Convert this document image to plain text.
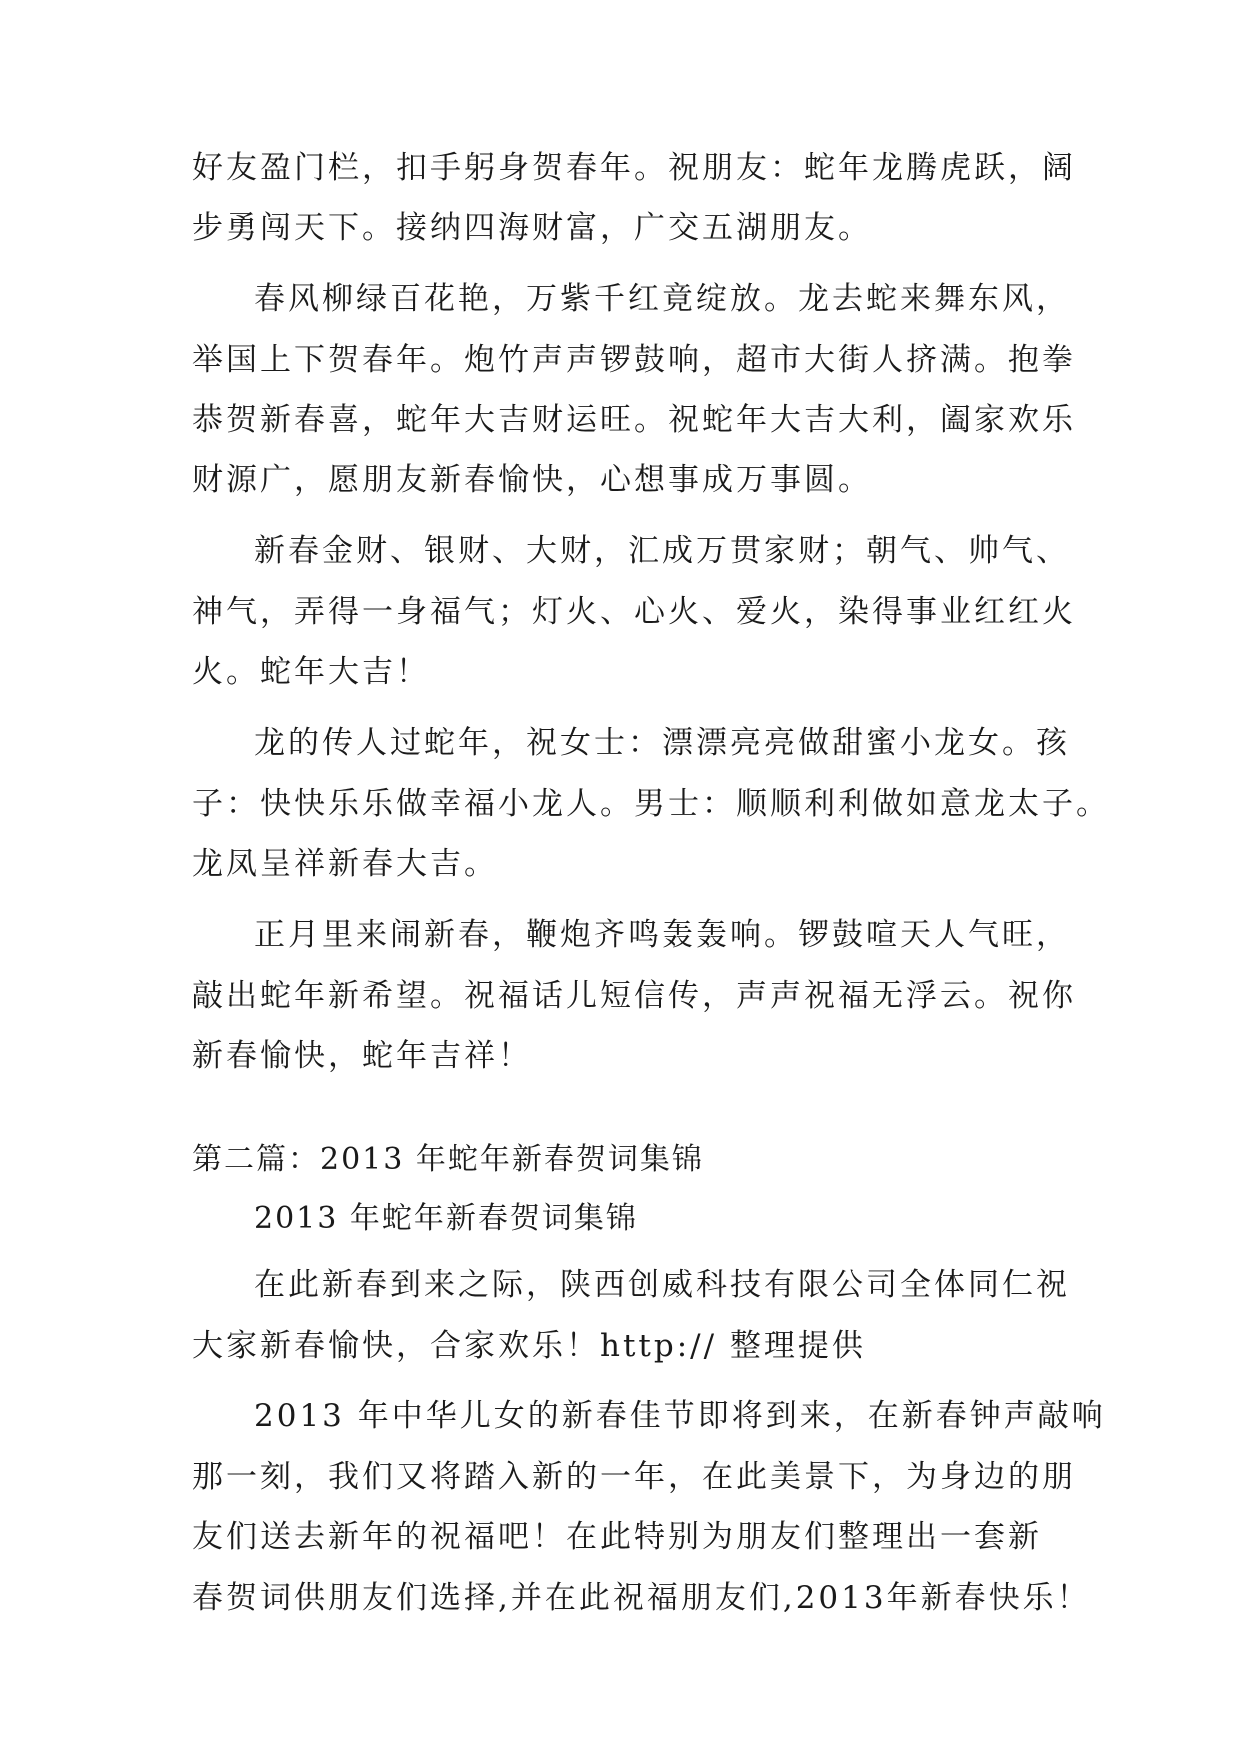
好友盈门栏，扣手躬身贺春年。祝朋友：蛇年龙腾虎跃，阔
步勇闯天下。接纳四海财富，广交五湖朋友。
春风柳绿百花艳，万紫千红竟绽放。龙去蛇来舞东风，
举国上下贺春年。炮竹声声锣鼓响，超市大街人挤满。抱拳
恭贺新春喜，蛇年大吉财运旺。祝蛇年大吉大利，阖家欢乐
财源广，愿朋友新春愉快，心想事成万事圆。
新春金财、银财、大财，汇成万贯家财；朝气、帅气、
神气，弄得一身福气；灯火、心火、爱火，染得事业红红火
火。蛇年大吉！
龙的传人过蛇年，祝女士：漂漂亮亮做甜蜜小龙女。孩
子：快快乐乐做幸福小龙人。男士：顺顺利利做如意龙太子。
龙凤呈祥新春大吉。
正月里来闹新春，鞭炮齐鸣轰轰响。锣鼓喧天人气旺，
敲出蛇年新希望。祝福话儿短信传，声声祝福无浮云。祝你
新春愉快，蛇年吉祥！
第二篇：2013 年蛇年新春贺词集锦
2013 年蛇年新春贺词集锦
在此新春到来之际，陕西创威科技有限公司全体同仁祝
大家新春愉快，合家欢乐！http:// 整理提供
2013 年中华儿女的新春佳节即将到来，在新春钟声敲响
那一刻，我们又将踏入新的一年，在此美景下，为身边的朋
友们送去新年的祝福吧！在此特别为朋友们整理出一套新
春贺词供朋友们选择,并在此祝福朋友们,2013年新春快乐！
